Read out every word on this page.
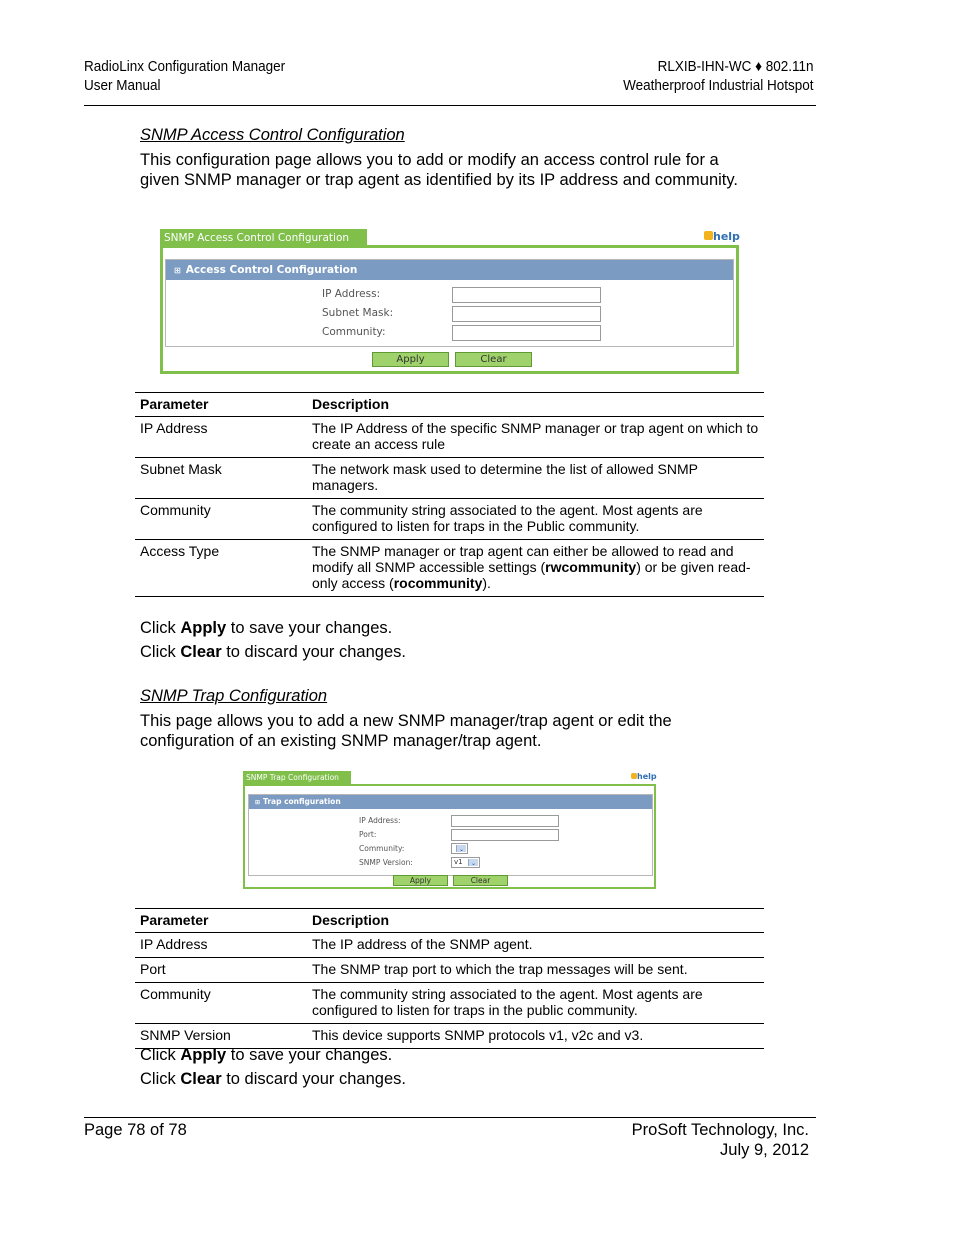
RadioLinx Configuration Manager
User Manual
RLXIB-IHN-WC ♦ 802.11n
Weatherproof Industrial Hotspot
SNMP Access Control Configuration
This configuration page allows you to add or modify an access control rule for a given SNMP manager or trap agent as identified by its IP address and community.
SNMP Access Control Configuration	help
⊞ Access Control Configuration
IP Address:
Subnet Mask:
Community:
Apply	Clear
Parameter	Description
IP Address	The IP Address of the specific SNMP manager or trap agent on which to create an access rule
Subnet Mask	The network mask used to determine the list of allowed SNMP managers.
Community	The community string associated to the agent. Most agents are configured to listen for traps in the Public community.
Access Type	The SNMP manager or trap agent can either be allowed to read and modify all SNMP accessible settings (rwcommunity) or be given read-only access (rocommunity).
Click Apply to save your changes.
Click Clear to discard your changes.
SNMP Trap Configuration
This page allows you to add a new SNMP manager/trap agent or edit the configuration of an existing SNMP manager/trap agent.
SNMP Trap Configuration	help
⊞ Trap configuration
IP Address:
Port:
Community:	⌄
SNMP Version:	v1	⌄
Apply	Clear
Parameter	Description
IP Address	The IP address of the SNMP agent.
Port	The SNMP trap port to which the trap messages will be sent.
Community	The community string associated to the agent. Most agents are configured to listen for traps in the public community.
SNMP Version	This device supports SNMP protocols v1, v2c and v3.
Click Apply to save your changes.
Click Clear to discard your changes.
Page 78 of 78	ProSoft Technology, Inc.
July 9, 2012
